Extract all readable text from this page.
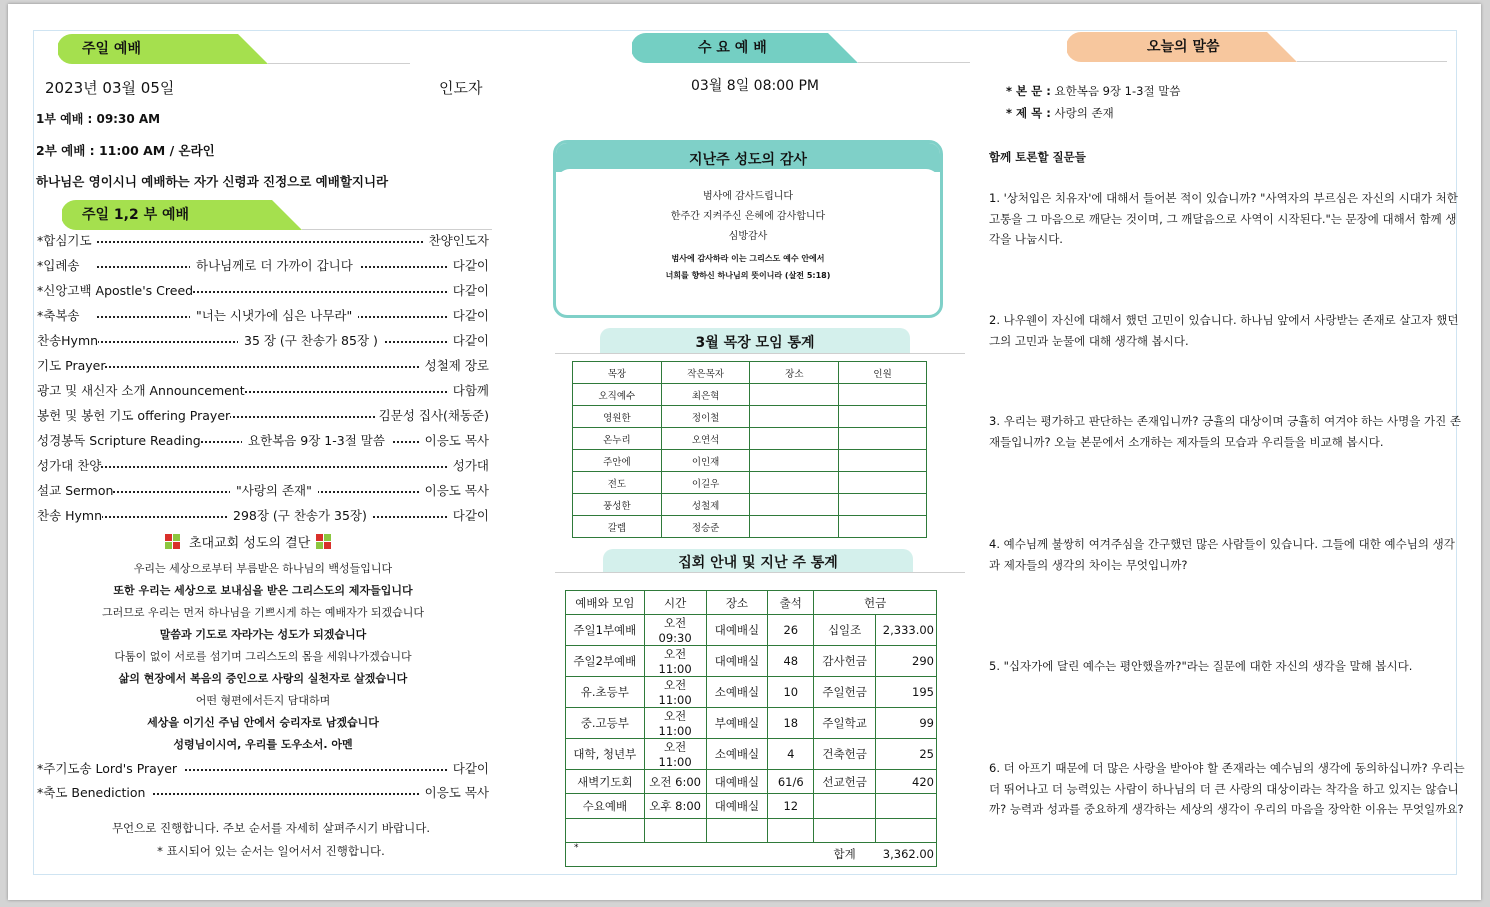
주일 예배
2023년 03월 05일	인도자
1부 예배 : 09:30 AM
2부 예배 : 11:00 AM / 온라인
하나님은 영이시니 예배하는 자가 신령과 진정으로 예배할지니라
주일 1,2 부 예배
*합심기도	찬양인도자
*입례송	하나님께로 더 가까이 갑니다	다같이
*신앙고백 Apostle's Creed	다같이
*축복송	"너는 시냇가에 심은 나무라"	다같이
찬송Hymn	35 장 (구 찬송가 85장 )	다같이
기도 Prayer	성철제 장로
광고 및 새신자 소개 Announcement	다함께
봉헌 및 봉헌 기도 offering Prayer	김문성 집사(채동준)
성경봉독 Scripture Reading	요한복음 9장 1-3절 말씀	이응도 목사
성가대 찬양	성가대
설교 Sermon	"사랑의 존재"	이응도 목사
찬송 Hymn	298장 (구 찬송가 35장)	다같이

초대교회 성도의 결단

우리는 세상으로부터 부름받은 하나님의 백성들입니다
또한 우리는 세상으로 보내심을 받은 그리스도의 제자들입니다
그러므로 우리는 먼저 하나님을 기쁘시게 하는 예배자가 되겠습니다
말씀과 기도로 자라가는 성도가 되겠습니다
다툼이 없이 서로를 섬기며 그리스도의 몸을 세워나가겠습니다
삶의 현장에서 복음의 증인으로 사랑의 실천자로 살겠습니다
어떤 형편에서든지 담대하며
세상을 이기신 주님 안에서 승리자로 남겠습니다
성령님이시여, 우리를 도우소서. 아멘
*주기도송 Lord's Prayer	다같이
*축도 Benediction	이응도 목사
무언으로 진행합니다. 주보 순서를 자세히 살펴주시기 바랍니다.
* 표시되어 있는 순서는 일어서서 진행합니다.
수 요 예 배
03월 8일 08:00 PM
지난주 성도의 감사
범사에 감사드립니다
한주간 지켜주신 은혜에 감사합니다
심방감사
범사에 감사하라 이는 그리스도 예수 안에서
너희를 향하신 하나님의 뜻이니라 (살전 5:18)
3월 목장 모임 통계
목장	작은목자	장소	인원
오직예수	최은혁		
영원한	정이철		
온누리	오연석		
주안에	이인재		
전도	이길우		
풍성한	성철제		
갈렙	정승준		
집회 안내 및 지난 주 통계
예배와 모임	시간	장소	출석	헌금	
주일1부예배	오전 09:30	대예배실	26	십일조	2,333.00
주일2부예배	오전 11:00	대예배실	48	감사헌금	290
유.초등부	오전 11:00	소예배실	10	주일헌금	195
중.고등부	오전 11:00	부예배실	18	주일학교	99
대학, 청년부	오전 11:00	소예배실	4	건축헌금	25
새벽기도회	오전 6:00	대예배실	61/6	선교헌금	420
수요예배	오후 8:00	대예배실	12		

*				합계	3,362.00
오늘의 말씀
* 본 문 : 요한복음 9장 1-3절 말씀
* 제 목 : 사랑의 존재
함께 토론할 질문들
1. '상처입은 치유자'에 대해서 들어본 적이 있습니까? "사역자의 부르심은 자신의 시대가 처한 고통을 그 마음으로 깨닫는 것이며, 그 깨달음으로 사역이 시작된다."는 문장에 대해서 함께 생각을 나눕시다.
2. 나우웬이 자신에 대해서 했던 고민이 있습니다. 하나님 앞에서 사랑받는 존재로 살고자 했던 그의 고민과 눈물에 대해 생각해 봅시다.
3. 우리는 평가하고 판단하는 존재입니까? 긍휼의 대상이며 긍휼히 여겨야 하는 사명을 가진 존재들입니까? 오늘 본문에서 소개하는 제자들의 모습과 우리들을 비교해 봅시다.
4. 예수님께 불쌍히 여겨주심을 간구했던 많은 사람들이 있습니다. 그들에 대한 예수님의 생각과 제자들의 생각의 차이는 무엇입니까?
5. "십자가에 달린 예수는 평안했을까?"라는 질문에 대한 자신의 생각을 말해 봅시다.
6. 더 아프기 때문에 더 많은 사랑을 받아야 할 존재라는 예수님의 생각에 동의하십니까? 우리는 더 뛰어나고 더 능력있는 사람이 하나님의 더 큰 사랑의 대상이라는 착각을 하고 있지는 않습니까? 능력과 성과를 중요하게 생각하는 세상의 생각이 우리의 마음을 장악한 이유는 무엇일까요?
